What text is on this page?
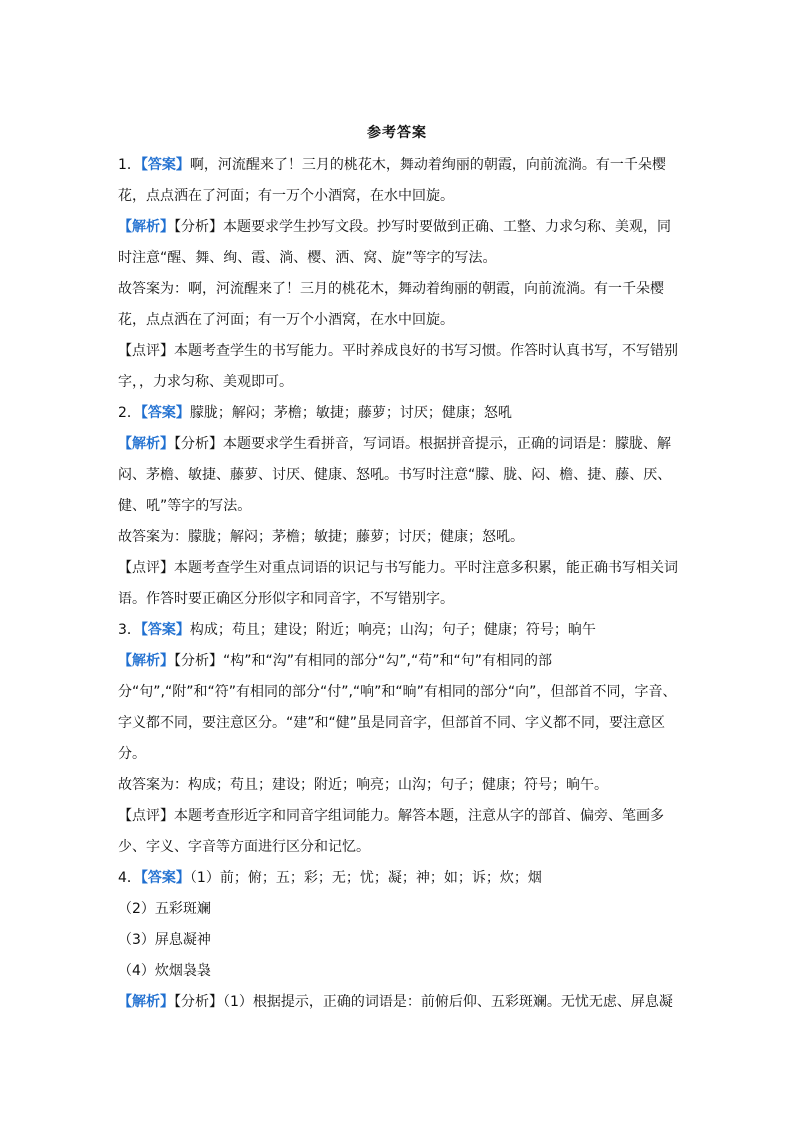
参考答案

1．【答案】啊，河流醒来了！三月的桃花木，舞动着绚丽的朝霞，向前流淌。有一千朵樱花，点点洒在了河面；有一万个小酒窝，在水中回旋。

【解析】【分析】本题要求学生抄写文段。抄写时要做到正确、工整、力求匀称、美观，同时注意“醒、舞、绚、霞、淌、樱、洒、窝、旋”等字的写法。

故答案为：啊，河流醒来了！三月的桃花木，舞动着绚丽的朝霞，向前流淌。有一千朵樱花，点点洒在了河面；有一万个小酒窝，在水中回旋。

【点评】本题考查学生的书写能力。平时养成良好的书写习惯。作答时认真书写，不写错别字，，力求匀称、美观即可。

2．【答案】朦胧；解闷；茅檐；敏捷；藤萝；讨厌；健康；怒吼

【解析】【分析】本题要求学生看拼音，写词语。根据拼音提示，正确的词语是：朦胧、解闷、茅檐、敏捷、藤萝、讨厌、健康、怒吼。书写时注意“朦、胧、闷、檐、捷、藤、厌、健、吼”等字的写法。

故答案为：朦胧；解闷；茅檐；敏捷；藤萝；讨厌；健康；怒吼。

【点评】本题考查学生对重点词语的识记与书写能力。平时注意多积累，能正确书写相关词语。作答时要正确区分形似字和同音字，不写错别字。

3．【答案】构成；苟且；建设；附近；响亮；山沟；句子；健康；符号；晌午

【解析】【分析】“构”和“沟”有相同的部分“勾”,“苟”和“句”有相同的部分“句”,“附”和“符”有相同的部分“付”,“响”和“晌”有相同的部分“向”，但部首不同，字音、字义都不同，要注意区分。“建”和“健”虽是同音字，但部首不同、字义都不同，要注意区分。

故答案为：构成；苟且；建设；附近；响亮；山沟；句子；健康；符号；晌午。

【点评】本题考查形近字和同音字组词能力。解答本题，注意从字的部首、偏旁、笔画多少、字义、字音等方面进行区分和记忆。

4．【答案】（1）前；俯；五；彩；无；忧；凝；神；如；诉；炊；烟

（2）五彩斑斓

（3）屏息凝神

（4）炊烟袅袅

【解析】【分析】（1）根据提示，正确的词语是：前俯后仰、五彩斑斓。无忧无虑、屏息凝
